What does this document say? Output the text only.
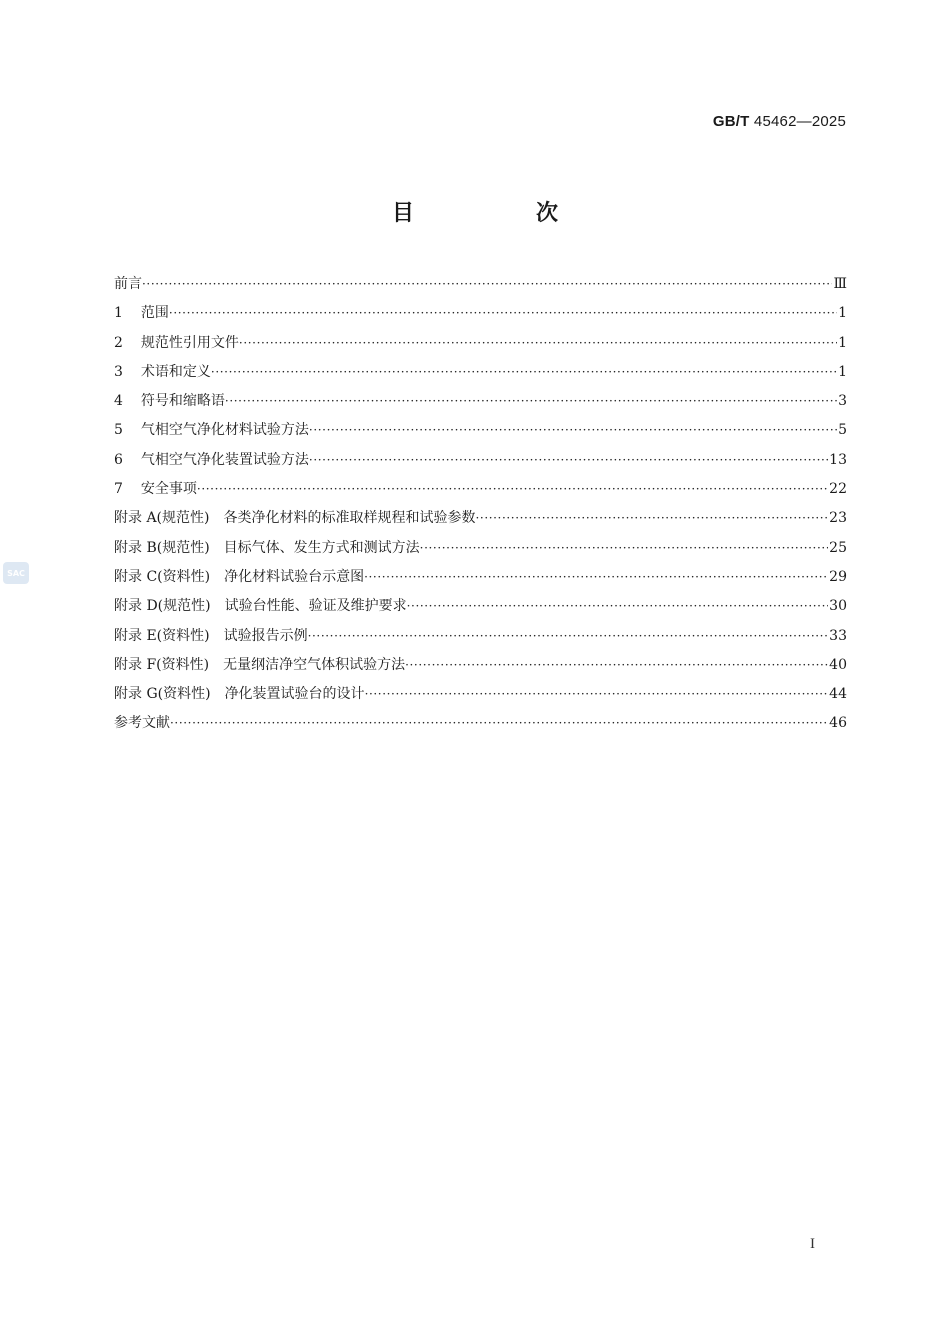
GB/T 45462—2025
目　次
前言 ·····	Ⅲ
1 范围 ·····	1
2 规范性引用文件 ·····	1
3 术语和定义 ·····	1
4 符号和缩略语 ·····	3
5 气相空气净化材料试验方法 ·····	5
6 气相空气净化装置试验方法 ·····	13
7 安全事项 ·····	22
附录 A(规范性) 各类净化材料的标准取样规程和试验参数 ·····	23
附录 B(规范性) 目标气体、发生方式和测试方法 ·····	25
附录 C(资料性) 净化材料试验台示意图 ·····	29
附录 D(规范性) 试验台性能、验证及维护要求 ·····	30
附录 E(资料性) 试验报告示例 ·····	33
附录 F(资料性) 无量纲洁净空气体积试验方法 ·····	40
附录 G(资料性) 净化装置试验台的设计 ·····	44
参考文献 ·····	46
SAC
I
